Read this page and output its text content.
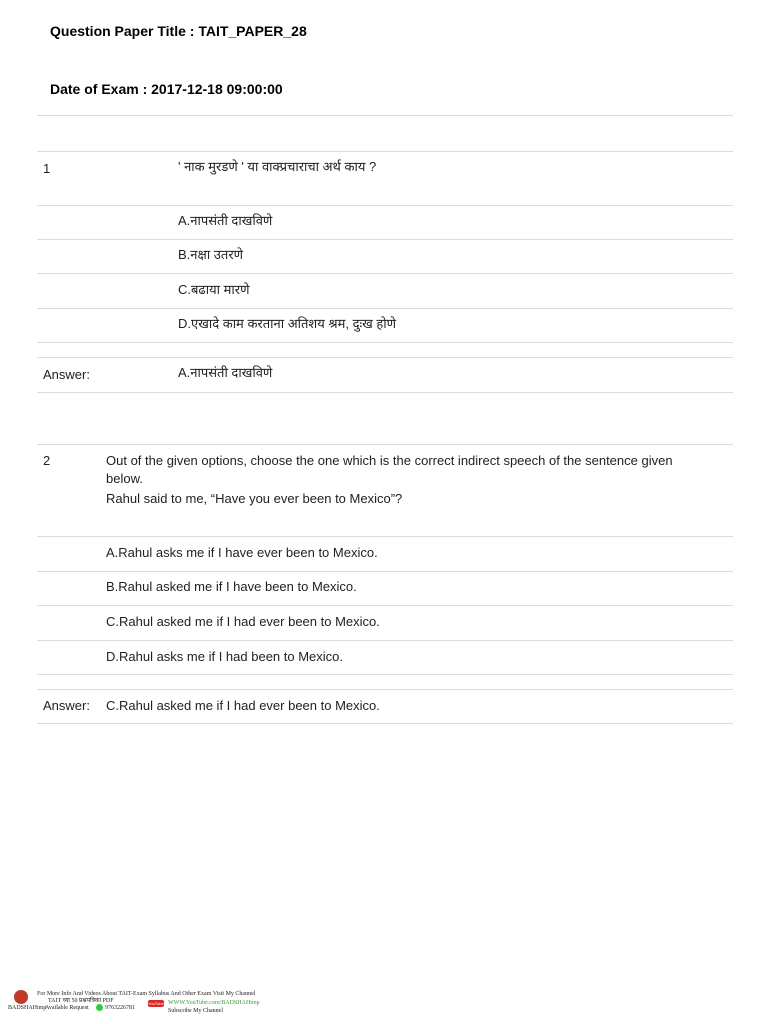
Question Paper Title : TAIT_PAPER_28
Date of Exam : 2017-12-18 09:00:00
1	' नाक मुरडणे ' या वाक्प्रचाराचा अर्थ काय ?
A.नापसंती दाखविणे
B.नक्षा उतरणे
C.बढाया मारणे
D.एखादे काम करताना अतिशय श्रम, दुःख होणे
Answer:	A.नापसंती दाखविणे
2	Out of the given options, choose the one which is the correct indirect speech of the sentence given
below.
Rahul said to me, “Have you ever been to Mexico”?
A.Rahul asks me if I have ever been to Mexico.
B.Rahul asked me if I have been to Mexico.
C.Rahul asked me if I had ever been to Mexico.
D.Rahul asks me if I had been to Mexico.
Answer: C.Rahul asked me if I had ever been to Mexico.
For More Info And Videos About TAIT-Exam Syllabus And Other Exam Visit My Channel
TAIT च्या 50 प्रश्नपत्रिका PDF
BADSHAHimp
Available Request	9763226781
YouTube WWW.YouTube.com/BADSHAHimp
Subscribe My Channel
